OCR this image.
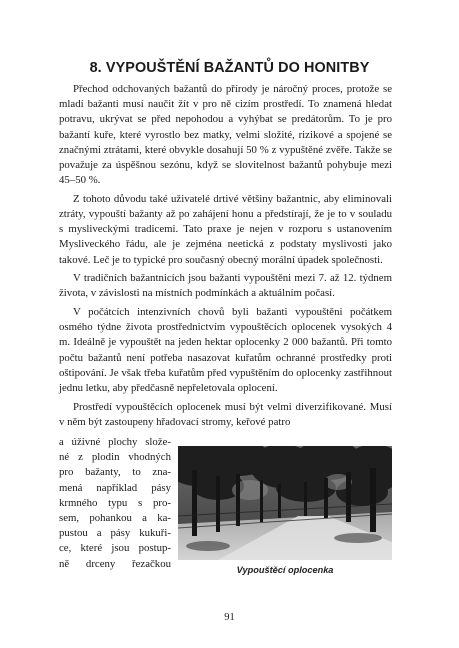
8. VYPOUŠTĚNÍ BAŽANTŮ DO HONITBY

Přechod odchovaných bažantů do přírody je náročný proces, protože se mladí bažanti musí naučit žít v pro ně cizím prostředí. To znamená hledat potravu, ukrývat se před nepohodou a vyhýbat se predátorům. To je pro bažantí kuře, které vyrostlo bez matky, velmi složité, rizikové a spojené se značnými ztrátami, které obvykle dosahují 50 % z vypuštěné zvěře. Takže se považuje za úspěšnou sezónu, když se slovitelnost bažantů pohybuje mezi 45–50 %.

Z tohoto důvodu také uživatelé drtivé většiny bažantnic, aby eliminovali ztráty, vypouští bažanty až po zahájení honu a předstírají, že je to v souladu s mysliveckými tradicemi. Tato praxe je nejen v rozporu s ustanovením Mysliveckého řádu, ale je zejména neetická z podstaty myslivosti jako takové. Leč je to typické pro současný obecný morální úpadek společnosti.

V tradičních bažantnicích jsou bažanti vypouštěni mezi 7. až 12. týdnem života, v závislosti na místních podmínkách a aktuálním počasí.

V počátcích intenzivních chovů byli bažanti vypouštěni počátkem osmého týdne života prostřednictvím vypouštěcích oplocenek vysokých 4 m. Ideálně je vypouštět na jeden hektar oplocenky 2 000 bažantů. Při tomto počtu bažantů není potřeba nasazovat kuřatům ochranné prostředky proti oštipování. Je však třeba kuřatům před vypuštěním do oplocenky zastřihnout jednu letku, aby předčasně nepřeletovala oplocení.

Prostředí vypouštěcích oplocenek musí být velmi diverzifikované. Musí v něm být zastoupeny hřadovací stromy, keřové patro

a úživné plochy slože-
né z plodin vhodných
pro bažanty, to zna-
mená například pásy
krmného typu s pro-
sem, pohankou a ka-
pustou a pásy kukuři-
ce, které jsou postup-
ně drceny řezačkou
Vypouštěcí oplocenka
91
